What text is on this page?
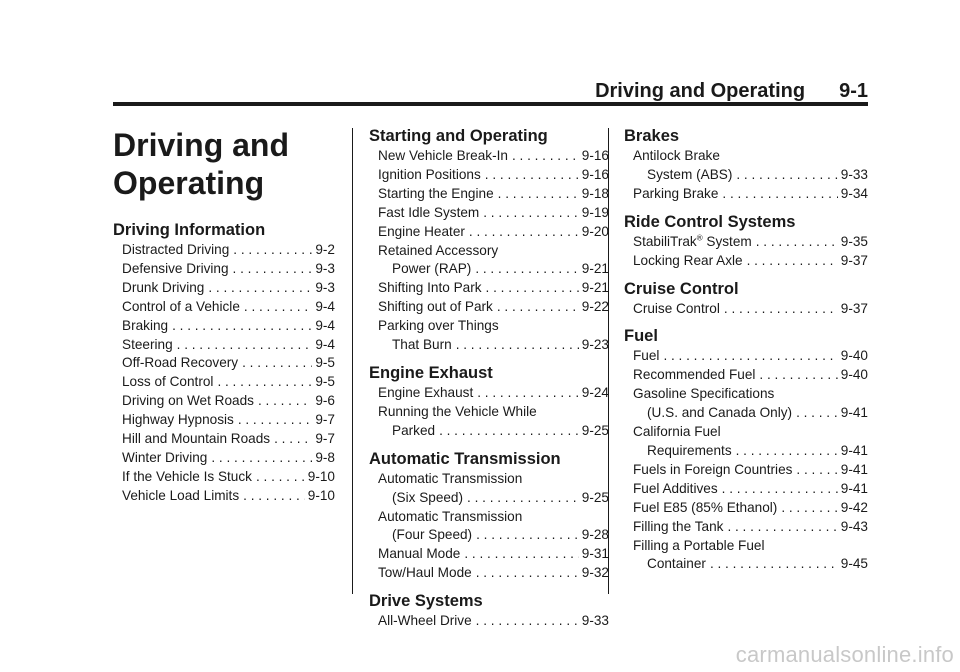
Driving and Operating 9-1
Driving and
Operating
Driving Information
Distracted Driving . . .	9-2
Defensive Driving . . .	9-3
Drunk Driving . . .	9-3
Control of a Vehicle . . .	9-4
Braking . . .	9-4
Steering . . .	9-4
Off-Road Recovery . . .	9-5
Loss of Control . . .	9-5
Driving on Wet Roads . . .	9-6
Highway Hypnosis . . .	9-7
Hill and Mountain Roads . . .	9-7
Winter Driving . . .	9-8
If the Vehicle Is Stuck . . .	9-10
Vehicle Load Limits . . .	9-10
Starting and Operating
New Vehicle Break-In . . .	9-16
Ignition Positions . . .	9-16
Starting the Engine . . .	9-18
Fast Idle System . . .	9-19
Engine Heater . . .	9-20
Retained Accessory
Power (RAP) . . .	9-21
Shifting Into Park . . .	9-21
Shifting out of Park . . .	9-22
Parking over Things
That Burn . . .	9-23
Engine Exhaust
Engine Exhaust . . .	9-24
Running the Vehicle While
Parked . . .	9-25
Automatic Transmission
Automatic Transmission
(Six Speed) . . .	9-25
Automatic Transmission
(Four Speed) . . .	9-28
Manual Mode . . .	9-31
Tow/Haul Mode . . .	9-32
Drive Systems
All-Wheel Drive . . .	9-33
Brakes
Antilock Brake
System (ABS) . . .	9-33
Parking Brake . . .	9-34
Ride Control Systems
StabiliTrak® System . . .	9-35
Locking Rear Axle . . .	9-37
Cruise Control
Cruise Control . . .	9-37
Fuel
Fuel . . .	9-40
Recommended Fuel . . .	9-40
Gasoline Specifications
(U.S. and Canada Only) . . .	9-41
California Fuel
Requirements . . .	9-41
Fuels in Foreign Countries . . .	9-41
Fuel Additives . . .	9-41
Fuel E85 (85% Ethanol) . . .	9-42
Filling the Tank . . .	9-43
Filling a Portable Fuel
Container . . .	9-45
carmanualsonline.info
